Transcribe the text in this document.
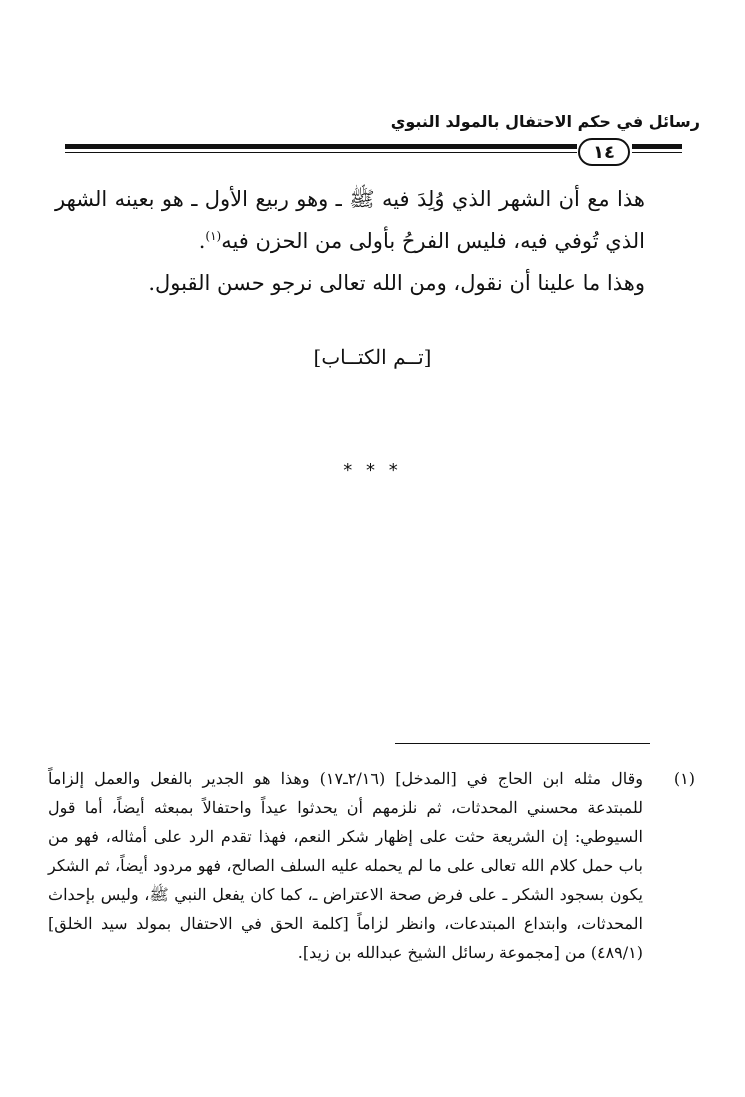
رسائل في حكم الاحتفال بالمولد النبوي
١٤

هذا مع أن الشهر الذي وُلِدَ فيه ﷺ ـ وهو ربيع الأول ـ هو بعينه الشهر الذي تُوفي فيه، فليس الفرحُ بأولى من الحزن فيه$^{(١)}$.

وهذا ما علينا أن نقول، ومن الله تعالى نرجو حسن القبول.

[تــم الكتــاب]
* * *
(١)
وقال مثله ابن الحاج في [المدخل] (٢/١٦ـ١٧) وهذا هو الجدير بالفعل والعمل إلزاماً للمبتدعة محسني المحدثات، ثم نلزمهم أن يحدثوا عيداً واحتفالاً بمبعثه أيضاً، أما قول السيوطي: إن الشريعة حثت على إظهار شكر النعم، فهذا تقدم الرد على أمثاله، فهو من باب حمل كلام الله تعالى على ما لم يحمله عليه السلف الصالح، فهو مردود أيضاً، ثم الشكر يكون بسجود الشكر ـ على فرض صحة الاعتراض ـ، كما كان يفعل النبي ﷺ، وليس بإحداث المحدثات، وابتداع المبتدعات، وانظر لزاماً [كلمة الحق في الاحتفال بمولد سيد الخلق] (٤٨٩/١) من [مجموعة رسائل الشيخ عبدالله بن زيد].
